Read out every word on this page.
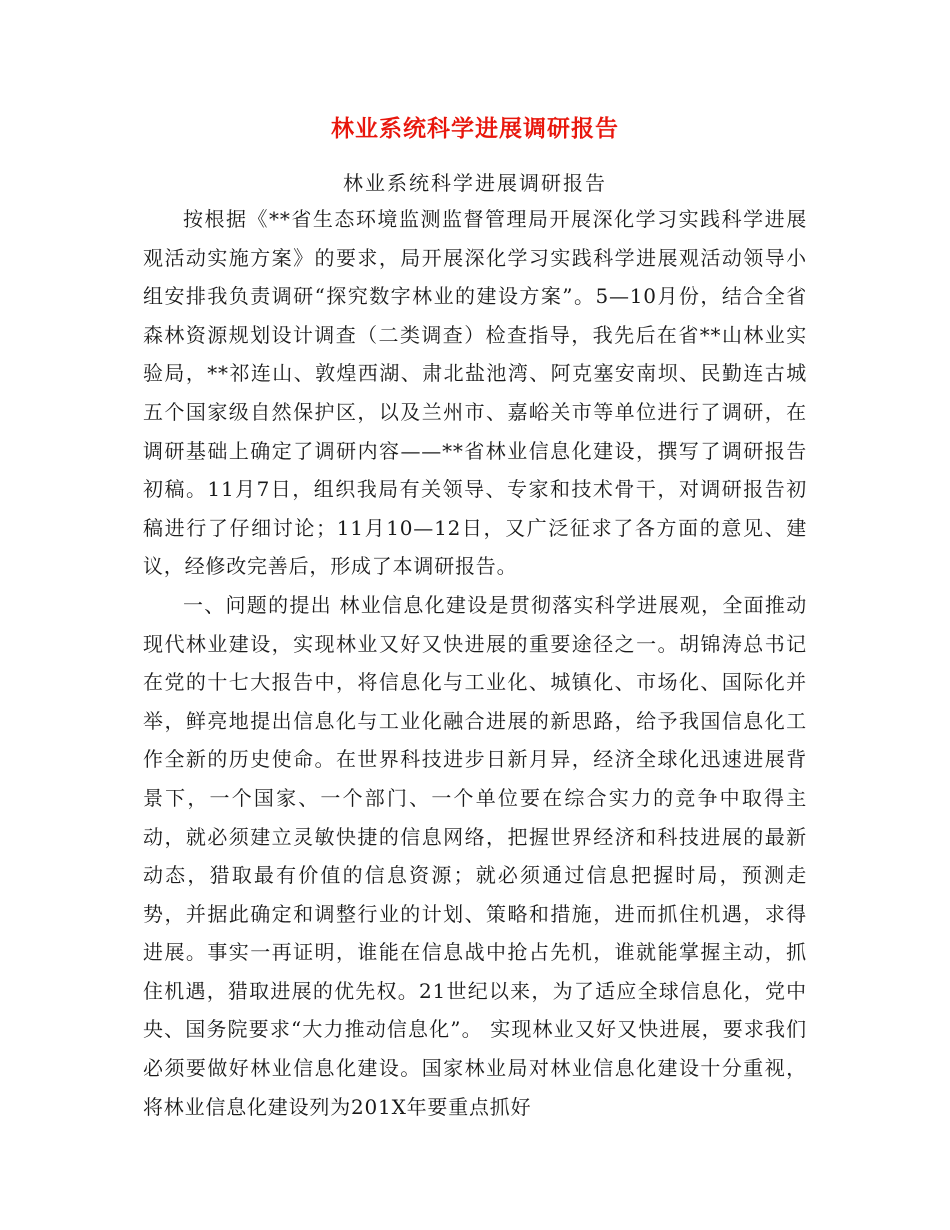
林业系统科学进展调研报告
林业系统科学进展调研报告

按根据《**省生态环境监测监督管理局开展深化学习实践科学进展观活动实施方案》的要求，局开展深化学习实践科学进展观活动领导小组安排我负责调研“探究数字林业的建设方案”。5—10月份，结合全省森林资源规划设计调查（二类调查）检查指导，我先后在省**山林业实验局，**祁连山、敦煌西湖、肃北盐池湾、阿克塞安南坝、民勤连古城五个国家级自然保护区，以及兰州市、嘉峪关市等单位进行了调研，在调研基础上确定了调研内容——**省林业信息化建设，撰写了调研报告初稿。11月7日，组织我局有关领导、专家和技术骨干，对调研报告初稿进行了仔细讨论；11月10—12日，又广泛征求了各方面的意见、建议，经修改完善后，形成了本调研报告。

一、问题的提出 林业信息化建设是贯彻落实科学进展观，全面推动现代林业建设，实现林业又好又快进展的重要途径之一。胡锦涛总书记在党的十七大报告中，将信息化与工业化、城镇化、市场化、国际化并举，鲜亮地提出信息化与工业化融合进展的新思路，给予我国信息化工作全新的历史使命。在世界科技进步日新月异，经济全球化迅速进展背景下，一个国家、一个部门、一个单位要在综合实力的竞争中取得主动，就必须建立灵敏快捷的信息网络，把握世界经济和科技进展的最新动态，猎取最有价值的信息资源；就必须通过信息把握时局，预测走势，并据此确定和调整行业的计划、策略和措施，进而抓住机遇，求得进展。事实一再证明，谁能在信息战中抢占先机，谁就能掌握主动，抓住机遇，猎取进展的优先权。21世纪以来，为了适应全球信息化，党中央、国务院要求“大力推动信息化”。 实现林业又好又快进展，要求我们必须要做好林业信息化建设。国家林业局对林业信息化建设十分重视，将林业信息化建设列为201X年要重点抓好
